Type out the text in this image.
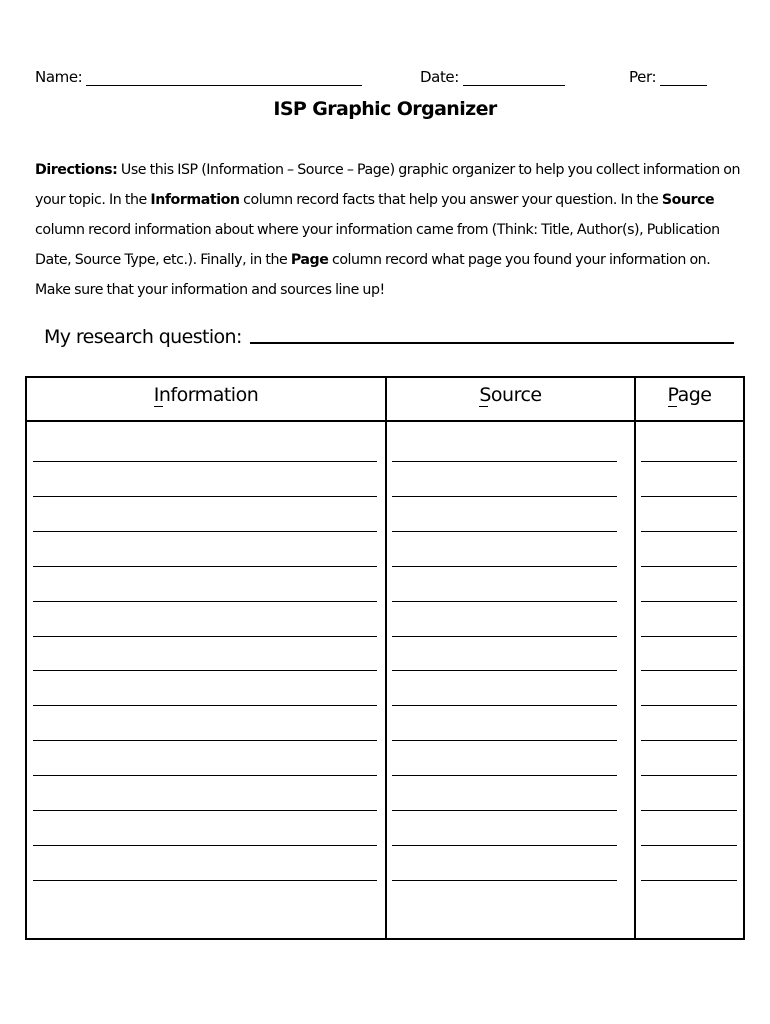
Name:	Date:	Per:
ISP Graphic Organizer
Directions: Use this ISP (Information – Source – Page) graphic organizer to help you collect information on your topic. In the Information column record facts that help you answer your question. In the Source column record information about where your information came from (Think: Title, Author(s), Publication Date, Source Type, etc.). Finally, in the Page column record what page you found your information on. Make sure that your information and sources line up!
My research question:
Information	Source	Page
